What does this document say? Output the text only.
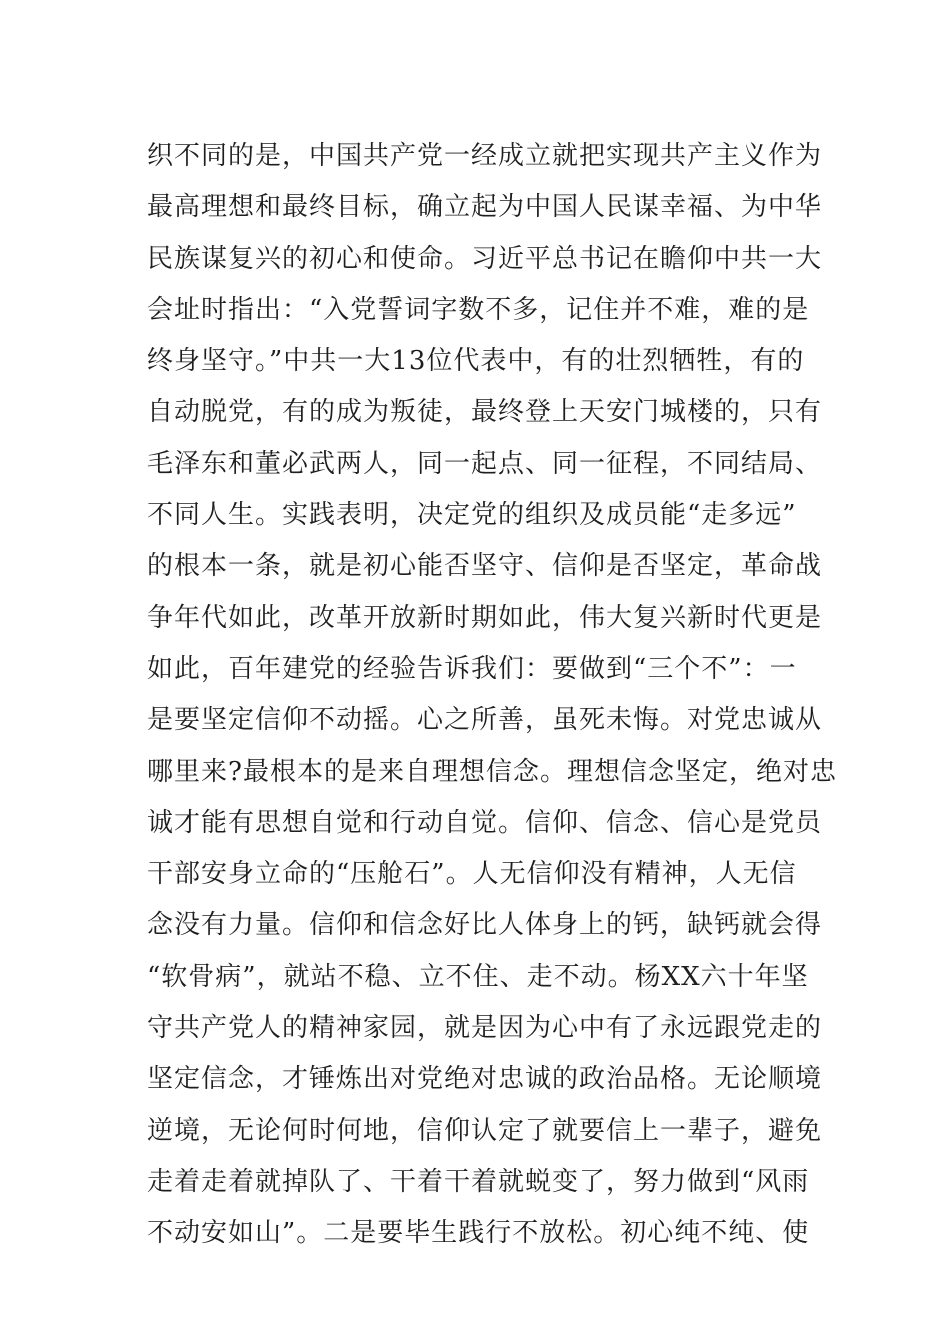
织不同的是，中国共产党一经成立就把实现共产主义作为
最高理想和最终目标，确立起为中国人民谋幸福、为中华
民族谋复兴的初心和使命。习近平总书记在瞻仰中共一大
会址时指出：“入党誓词字数不多，记住并不难，难的是
终身坚守。”中共一大13位代表中，有的壮烈牺牲，有的
自动脱党，有的成为叛徒，最终登上天安门城楼的，只有
毛泽东和董必武两人，同一起点、同一征程，不同结局、
不同人生。实践表明，决定党的组织及成员能“走多远”
的根本一条，就是初心能否坚守、信仰是否坚定，革命战
争年代如此，改革开放新时期如此，伟大复兴新时代更是
如此，百年建党的经验告诉我们：要做到“三个不”：一
是要坚定信仰不动摇。心之所善，虽死未悔。对党忠诚从
哪里来?最根本的是来自理想信念。理想信念坚定，绝对忠
诚才能有思想自觉和行动自觉。信仰、信念、信心是党员
干部安身立命的“压舱石”。人无信仰没有精神，人无信
念没有力量。信仰和信念好比人体身上的钙，缺钙就会得
“软骨病”，就站不稳、立不住、走不动。杨XX六十年坚
守共产党人的精神家园，就是因为心中有了永远跟党走的
坚定信念，才锤炼出对党绝对忠诚的政治品格。无论顺境
逆境，无论何时何地，信仰认定了就要信上一辈子，避免
走着走着就掉队了、干着干着就蜕变了，努力做到“风雨
不动安如山”。二是要毕生践行不放松。初心纯不纯、使
